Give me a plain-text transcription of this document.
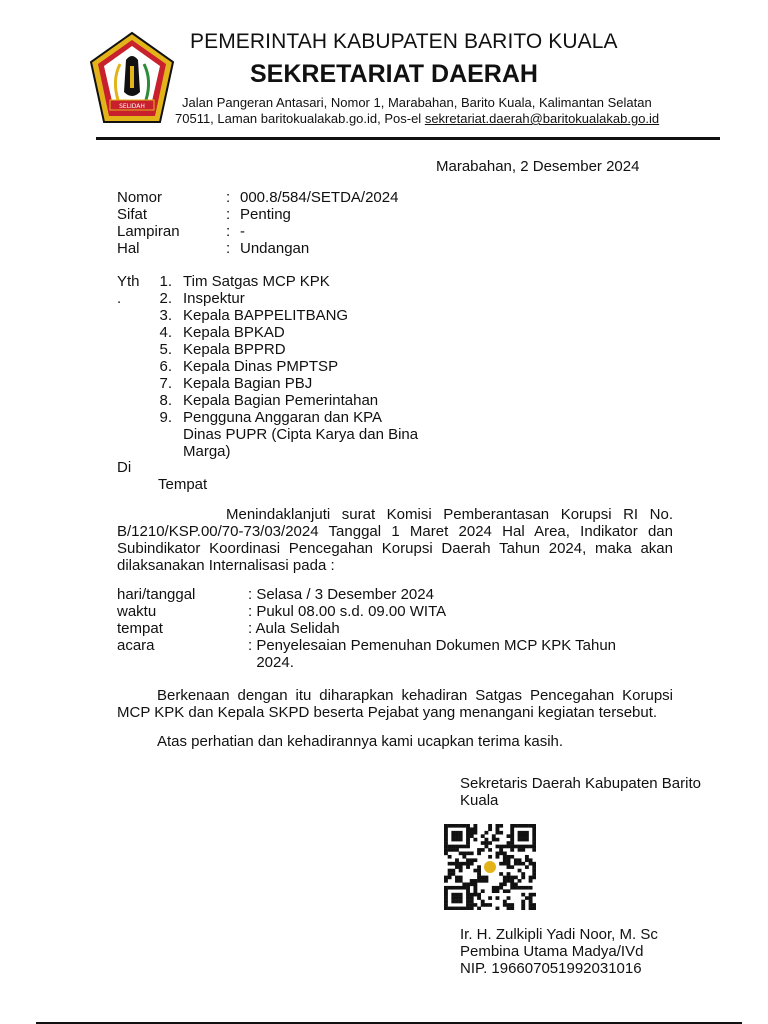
SELIDAH
PEMERINTAH KABUPATEN BARITO KUALA
SEKRETARIAT DAERAH
Jalan Pangeran Antasari, Nomor 1, Marabahan, Barito Kuala, Kalimantan Selatan
70511, Laman baritokualakab.go.id, Pos-el sekretariat.daerah@baritokualakab.go.id
Marabahan, 2 Desember 2024
Nomor	: 000.8/584/SETDA/2024
Sifat	: Penting
Lampiran	: -
Hal	: Undangan
Yth
.
1. Tim Satgas MCP KPK
2. Inspektur
3. Kepala BAPPELITBANG
4. Kepala BPKAD
5. Kepala BPPRD
6. Kepala Dinas PMPTSP
7. Kepala Bagian PBJ
8. Kepala Bagian Pemerintahan
9. Pengguna Anggaran dan KPA
Dinas PUPR (Cipta Karya dan Bina
Marga)
Di
Tempat
Menindaklanjuti surat Komisi Pemberantasan Korupsi RI No. B/1210/KSP.00/70-73/03/2024 Tanggal 1 Maret 2024 Hal Area, Indikator dan Subindikator Koordinasi Pencegahan Korupsi Daerah Tahun 2024, maka akan dilaksanakan Internalisasi pada :
hari/tanggal	: Selasa / 3 Desember 2024
waktu	: Pukul 08.00 s.d. 09.00 WITA
tempat	: Aula Selidah
acara	: Penyelesaian Pemenuhan Dokumen MCP KPK Tahun
2024.
Berkenaan dengan itu diharapkan kehadiran Satgas Pencegahan Korupsi MCP KPK dan Kepala SKPD beserta Pejabat yang menangani kegiatan tersebut.
Atas perhatian dan kehadirannya kami ucapkan terima kasih.
Sekretaris Daerah Kabupaten Barito
Kuala
Ir. H. Zulkipli Yadi Noor, M. Sc
Pembina Utama Madya/IVd
NIP. 196607051992031016
